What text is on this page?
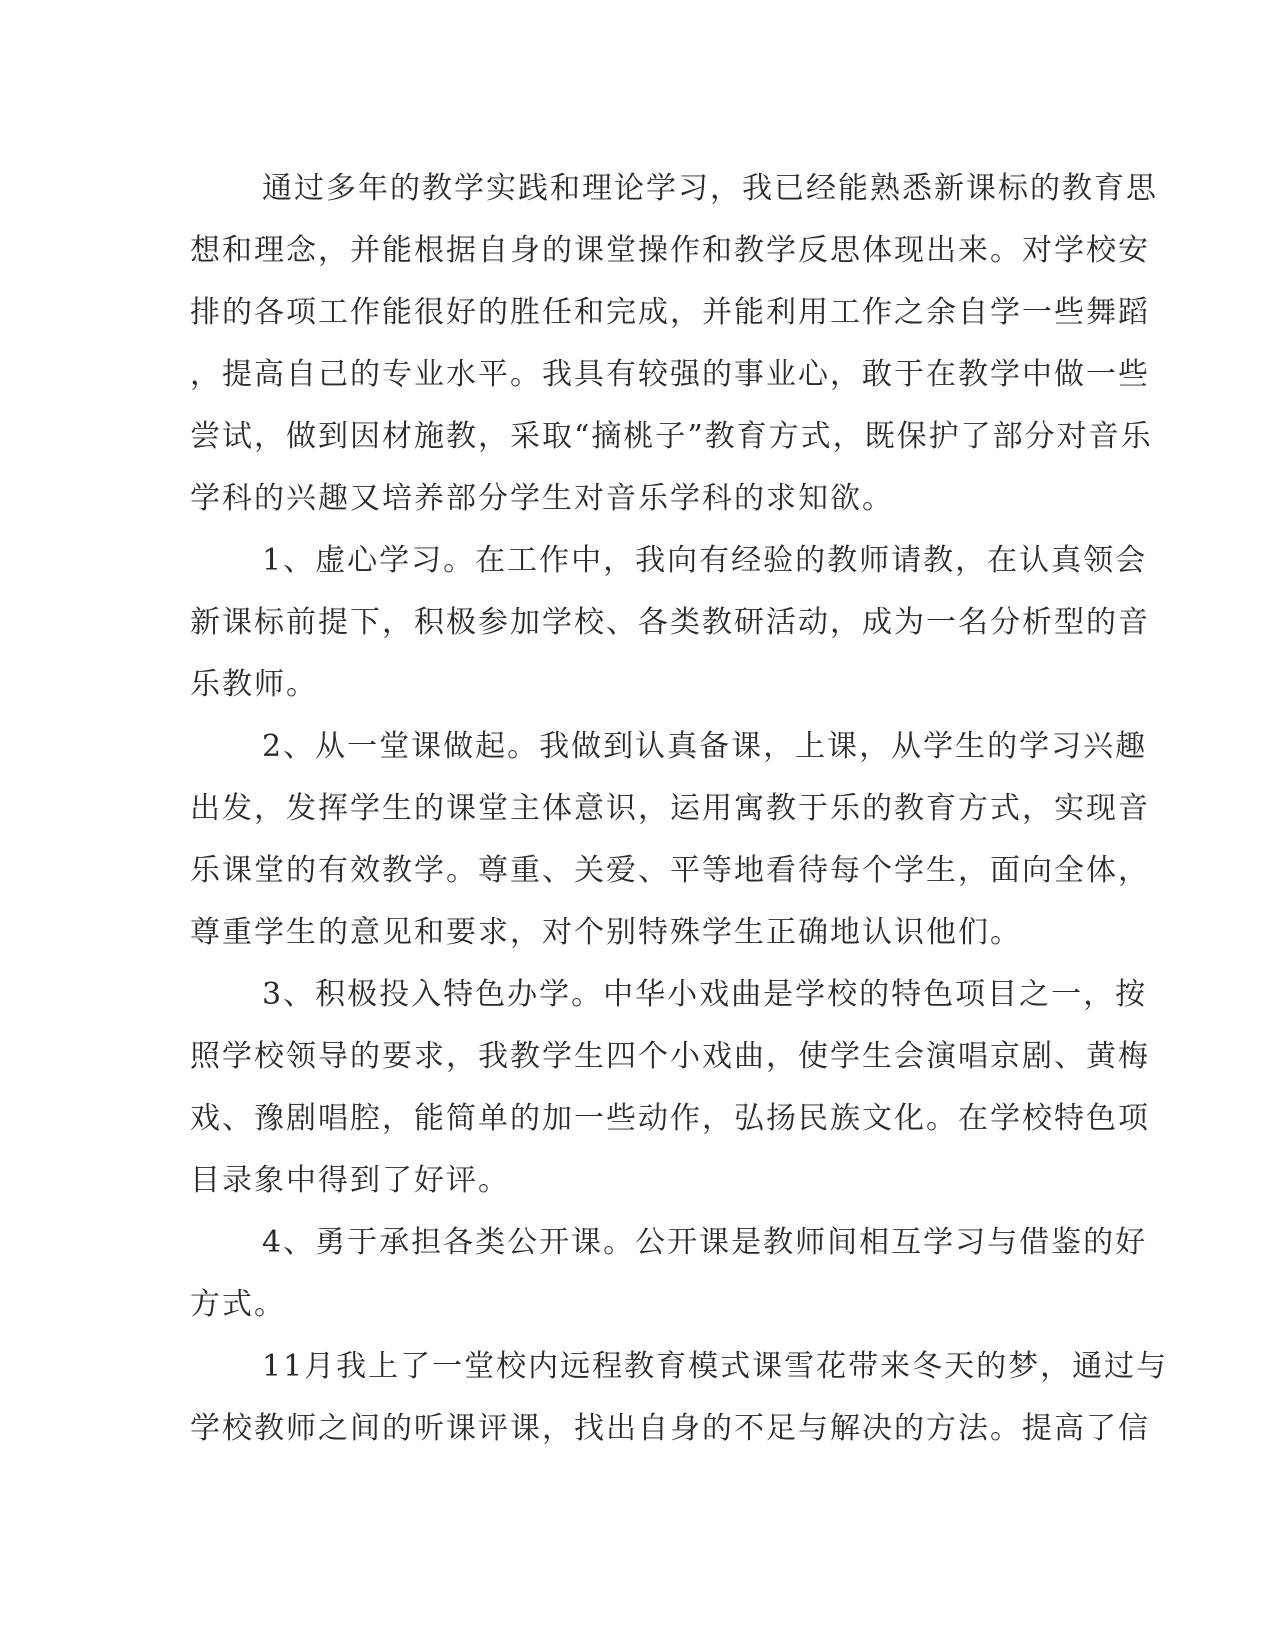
通过多年的教学实践和理论学习，我已经能熟悉新课标的教育思
想和理念，并能根据自身的课堂操作和教学反思体现出来。对学校安
排的各项工作能很好的胜任和完成，并能利用工作之余自学一些舞蹈
，提高自己的专业水平。我具有较强的事业心，敢于在教学中做一些
尝试，做到因材施教，采取“摘桃子”教育方式，既保护了部分对音乐
学科的兴趣又培养部分学生对音乐学科的求知欲。
1、虚心学习。在工作中，我向有经验的教师请教，在认真领会
新课标前提下，积极参加学校、各类教研活动，成为一名分析型的音
乐教师。
2、从一堂课做起。我做到认真备课，上课，从学生的学习兴趣
出发，发挥学生的课堂主体意识，运用寓教于乐的教育方式，实现音
乐课堂的有效教学。尊重、关爱、平等地看待每个学生，面向全体，
尊重学生的意见和要求，对个别特殊学生正确地认识他们。
3、积极投入特色办学。中华小戏曲是学校的特色项目之一，按
照学校领导的要求，我教学生四个小戏曲，使学生会演唱京剧、黄梅
戏、豫剧唱腔，能简单的加一些动作，弘扬民族文化。在学校特色项
目录象中得到了好评。
4、勇于承担各类公开课。公开课是教师间相互学习与借鉴的好
方式。
11月我上了一堂校内远程教育模式课雪花带来冬天的梦，通过与
学校教师之间的听课评课，找出自身的不足与解决的方法。提高了信
